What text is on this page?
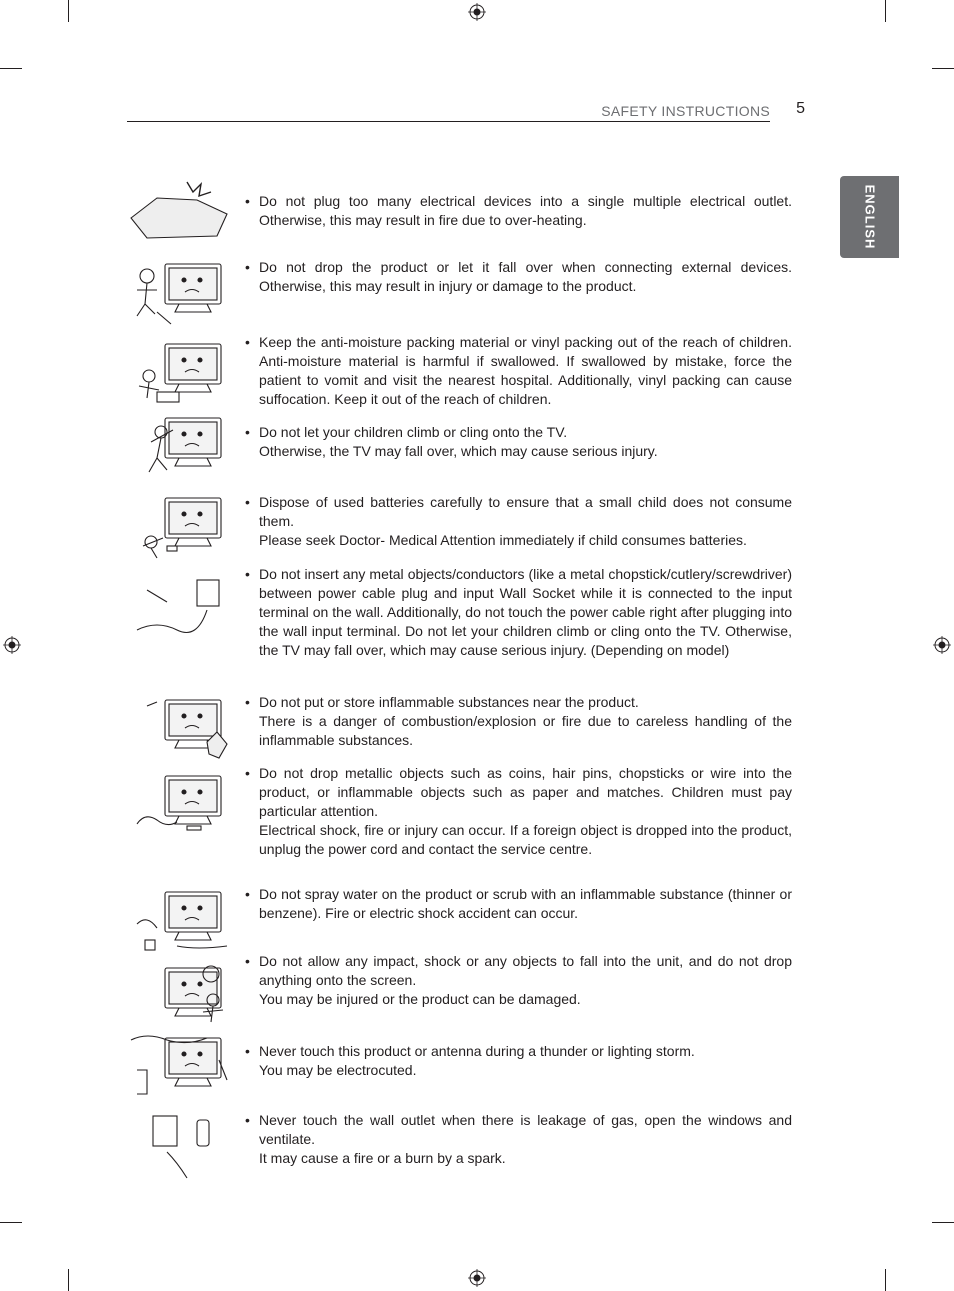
SAFETY INSTRUCTIONS 5
ENGLISH
• Do not plug too many electrical devices into a single multiple electrical outlet. Otherwise, this may result in fire due to over-heating.

• Do not drop the product or let it fall over when connecting external devices. Otherwise, this may result in injury or damage to the product.

• Keep the anti-moisture packing material or vinyl packing out of the reach of children. Anti-moisture material is harmful if swallowed. If swallowed by mistake, force the patient to vomit and visit the nearest hospital. Additionally, vinyl packing can cause suffocation. Keep it out of the reach of children.

• Do not let your children climb or cling onto the TV.

Otherwise, the TV may fall over, which may cause serious injury.

• Dispose of used batteries carefully to ensure that a small child does not consume them.

Please seek Doctor- Medical Attention immediately if child consumes batteries.

• Do not insert any metal objects/conductors (like a metal chopstick/cutlery/screwdriver) between power cable plug and input Wall Socket while it is connected to the input terminal on the wall. Additionally, do not touch the power cable right after plugging into the wall input terminal. Do not let your children climb or cling onto the TV. Otherwise, the TV may fall over, which may cause serious injury. (Depending on model)

• Do not put or store inflammable substances near the product.

There is a danger of combustion/explosion or fire due to careless handling of the inflammable substances.

• Do not drop metallic objects such as coins, hair pins, chopsticks or wire into the product, or inflammable objects such as paper and matches. Children must pay particular attention.

Electrical shock, fire or injury can occur. If a foreign object is dropped into the product, unplug the power cord and contact the service centre.

• Do not spray water on the product or scrub with an inflammable substance (thinner or benzene). Fire or electric shock accident can occur.

• Do not allow any impact, shock or any objects to fall into the unit, and do not drop anything onto the screen.

You may be injured or the product can be damaged.

• Never touch this product or antenna during a thunder or lighting storm.

You may be electrocuted.

• Never touch the wall outlet when there is leakage of gas, open the windows and ventilate.

It may cause a fire or a burn by a spark.
